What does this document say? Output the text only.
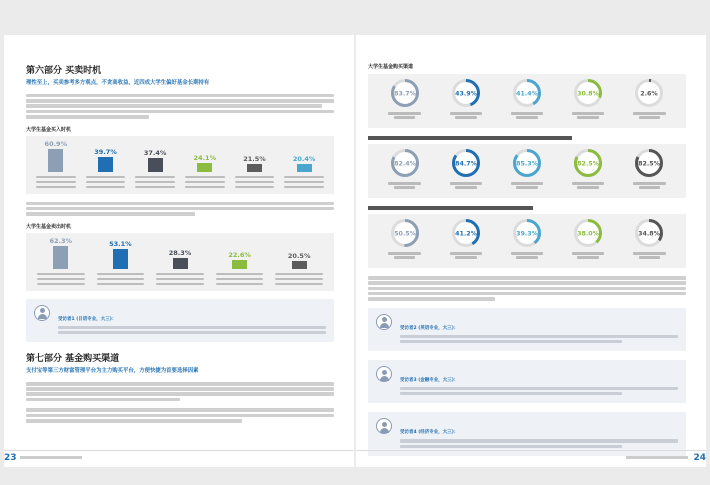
第六部分 买卖时机
理性至上，买卖参考多方观点，不贪高收益，近四成大学生偏好基金长期持有
大学生基金买入时机
60.9%
39.7%	37.4%
24.1%	21.5%	20.4%
大学生基金卖出时机
62.3%	53.1%
28.3%	22.6%	20.5%
受访者1 (日语专业，大三)：
第七部分 基金购买渠道
支付宝等第三方财富管理平台为主力购买平台，方便快捷为首要选择因素
23
大学生基金购买渠道
83.7%	43.9%	41.4%	30.8%	2.6%
82.4%	84.7%	85.3%	82.5%	82.5%
50.5%	41.2%	39.3%	38.0%	34.8%
受访者2 (英语专业，大三)：
受访者3 (金融专业，大三)：
受访者4 (经济专业，大三)：
24
